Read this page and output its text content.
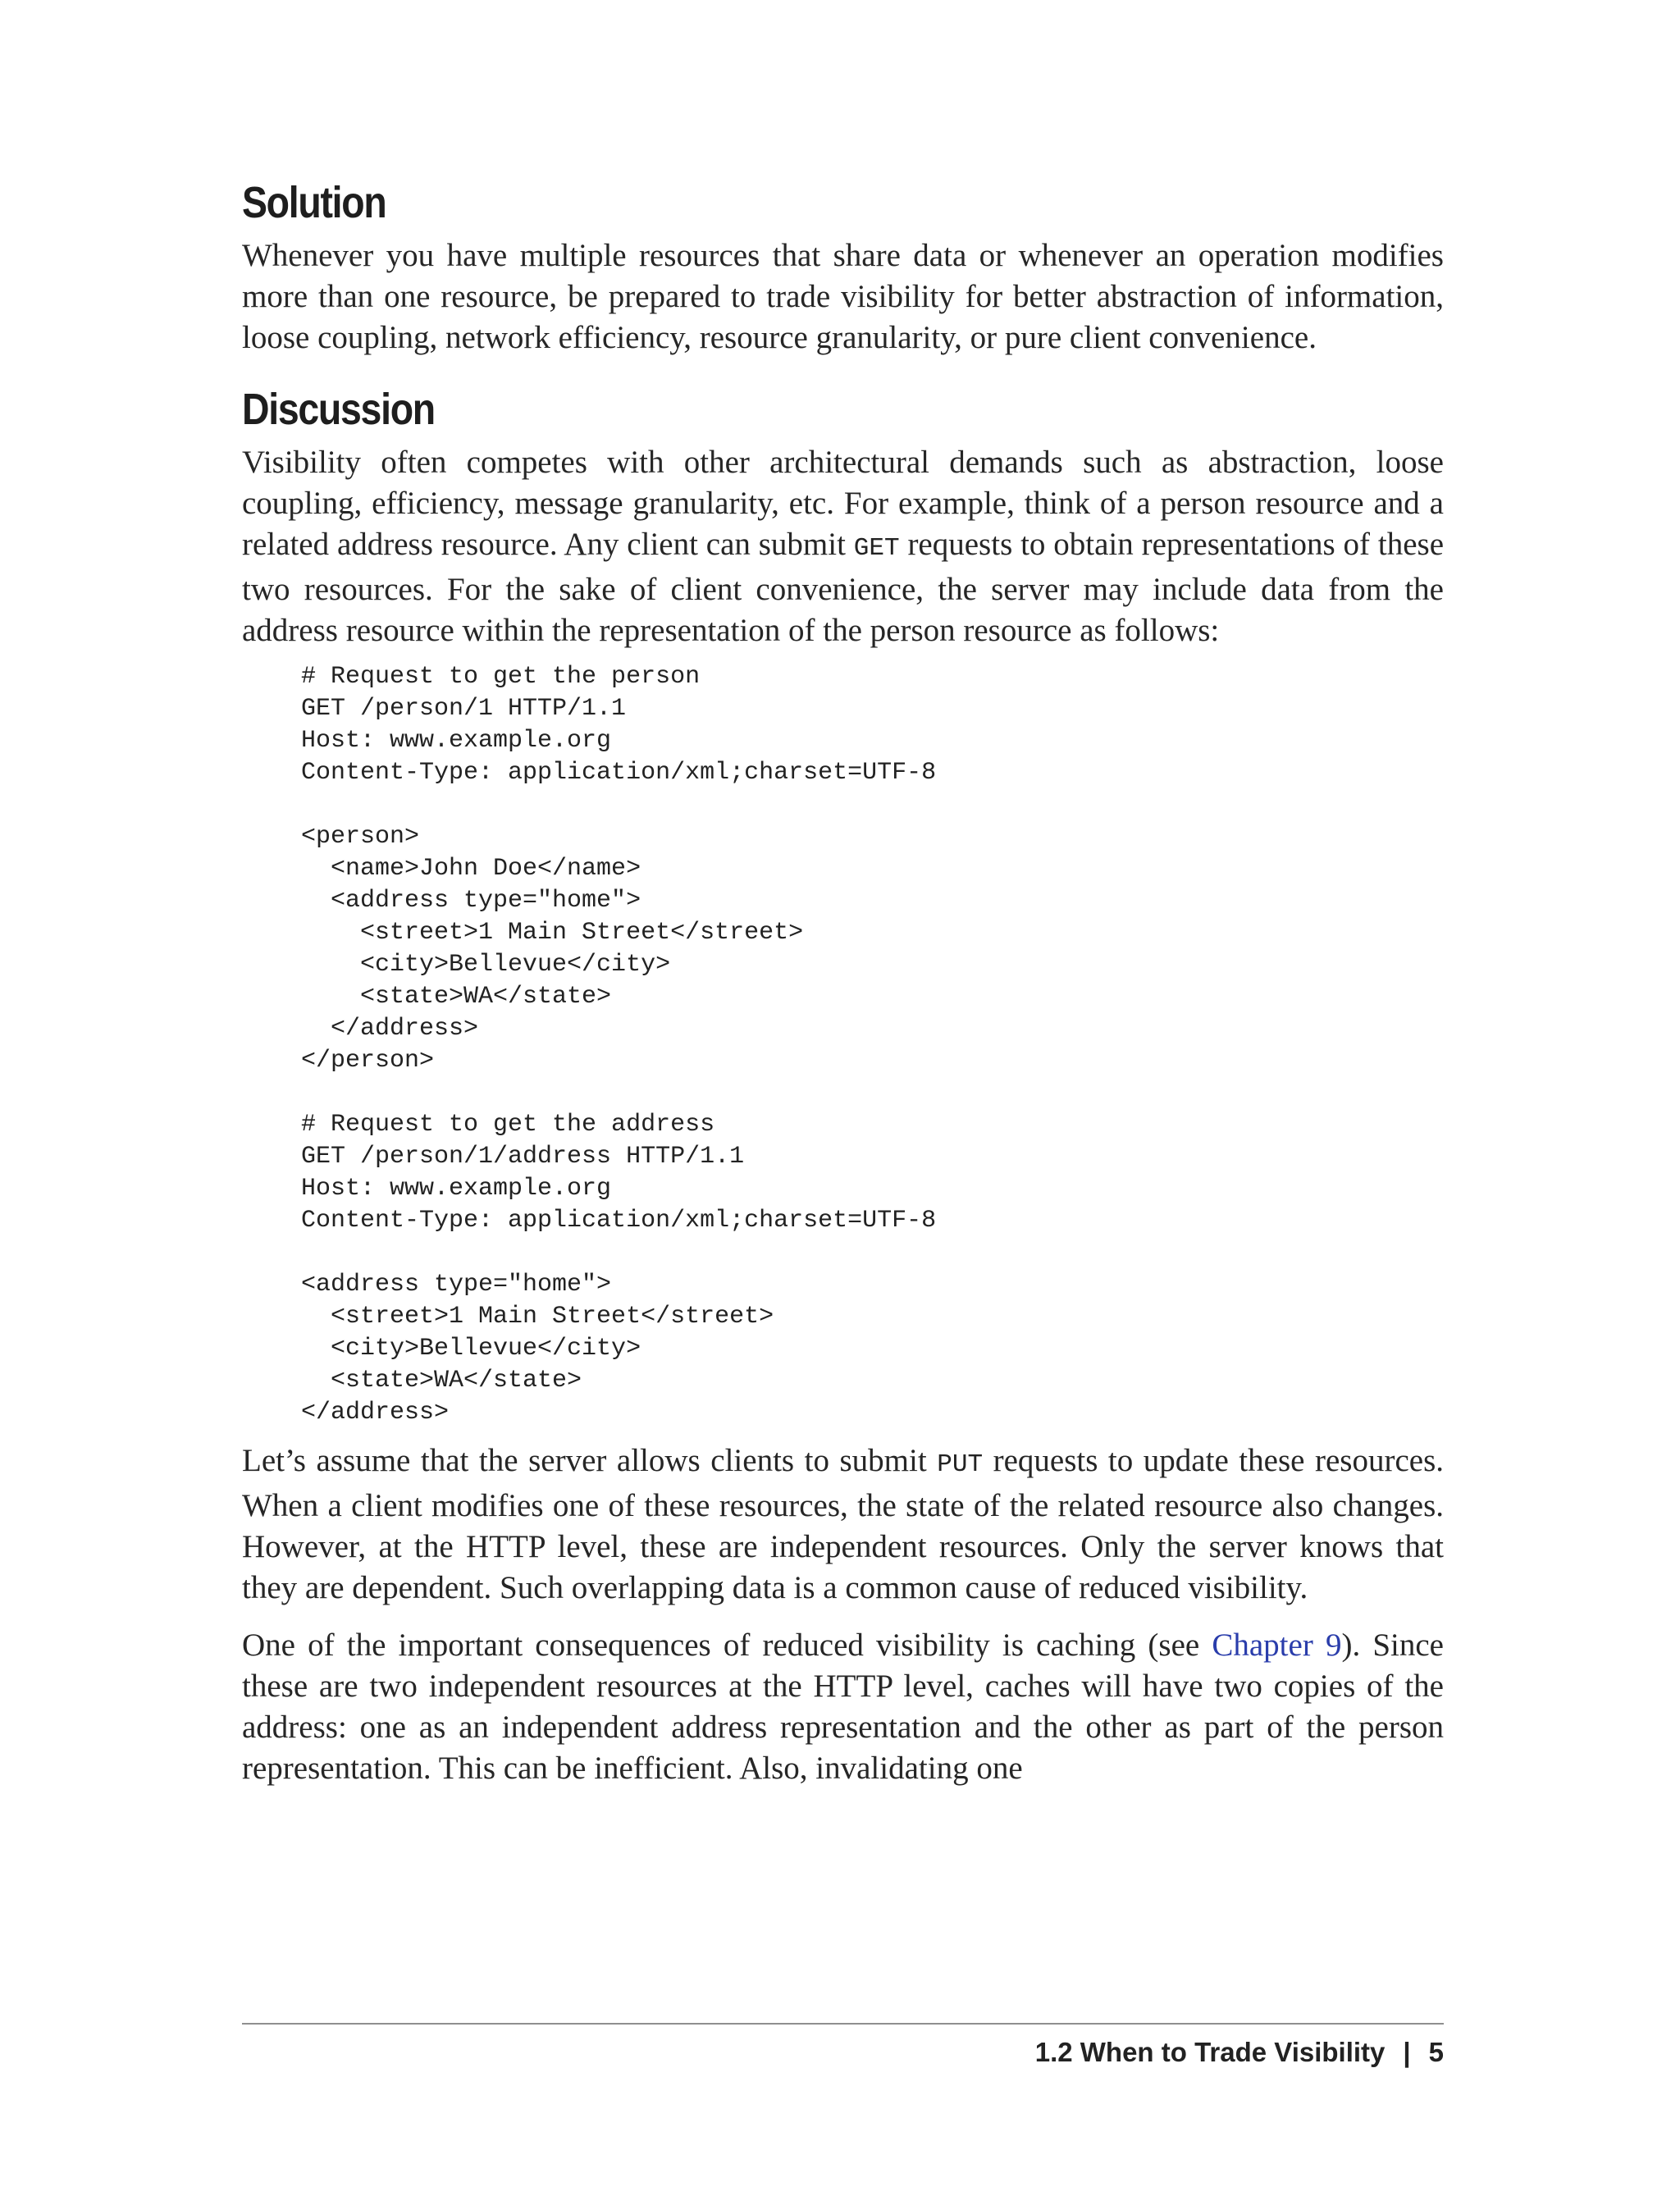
Solution

Whenever you have multiple resources that share data or whenever an operation modifies more than one resource, be prepared to trade visibility for better abstraction of information, loose coupling, network efficiency, resource granularity, or pure client convenience.

Discussion

Visibility often competes with other architectural demands such as abstraction, loose coupling, efficiency, message granularity, etc. For example, think of a person resource and a related address resource. Any client can submit GET requests to obtain representations of these two resources. For the sake of client convenience, the server may include data from the address resource within the representation of the person resource as follows:

# Request to get the person
GET /person/1 HTTP/1.1
Host: www.example.org
Content-Type: application/xml;charset=UTF-8
<person>
<name>John Doe</name>
<address type="home">
<street>1 Main Street</street>
<city>Bellevue</city>
<state>WA</state>
</address>
</person>
# Request to get the address
GET /person/1/address HTTP/1.1
Host: www.example.org
Content-Type: application/xml;charset=UTF-8
<address type="home">
<street>1 Main Street</street>
<city>Bellevue</city>
<state>WA</state>
</address>

Let’s assume that the server allows clients to submit PUT requests to update these resources. When a client modifies one of these resources, the state of the related resource also changes. However, at the HTTP level, these are independent resources. Only the server knows that they are dependent. Such overlapping data is a common cause of reduced visibility.

One of the important consequences of reduced visibility is caching (see Chapter 9). Since these are two independent resources at the HTTP level, caches will have two copies of the address: one as an independent address representation and the other as part of the person representation. This can be inefficient. Also, invalidating one

1.2 When to Trade Visibility | 5
